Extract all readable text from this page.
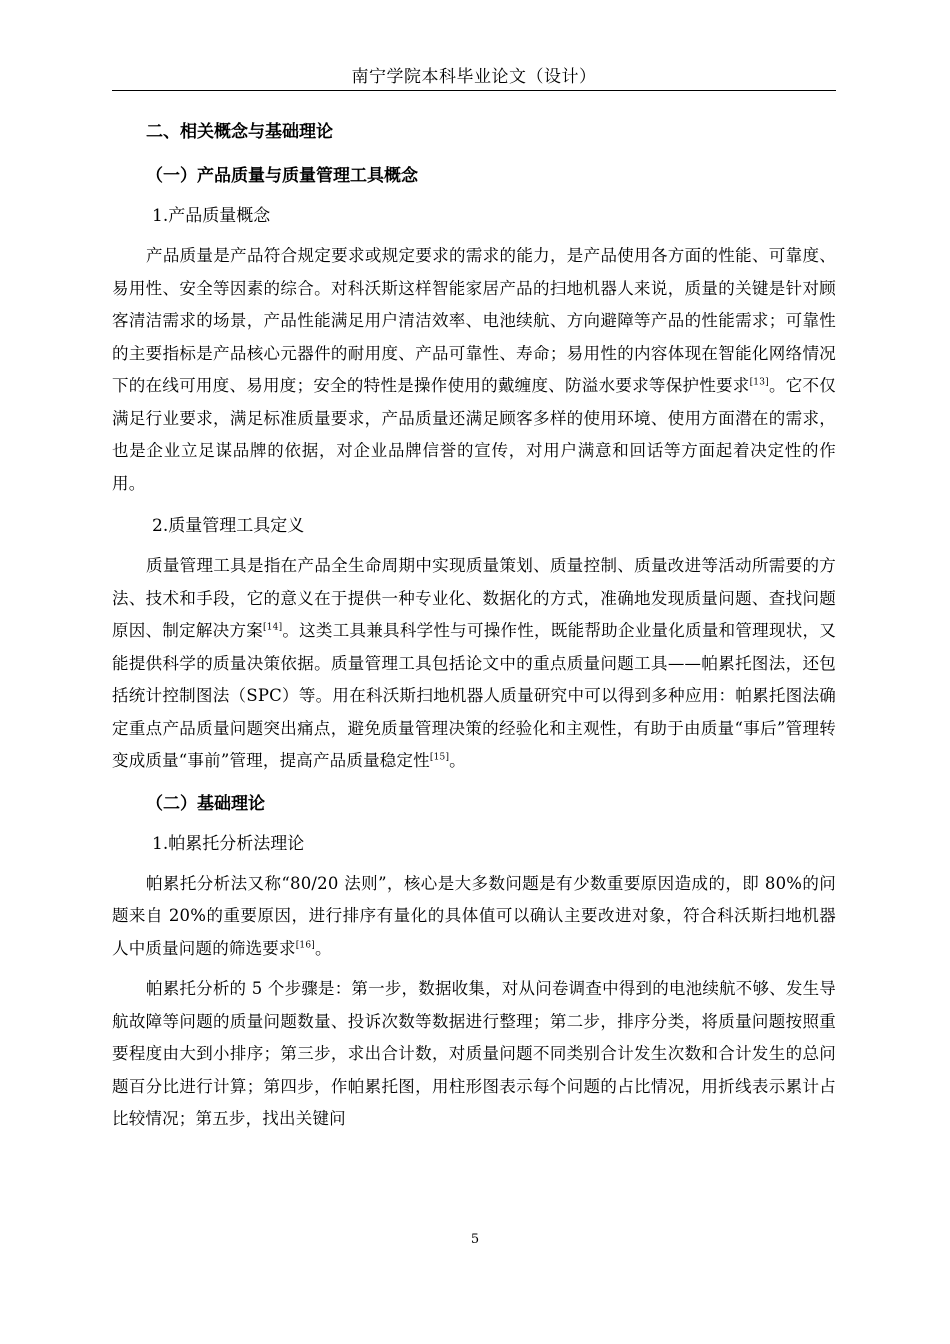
南宁学院本科毕业论文（设计）
二、相关概念与基础理论
（一）产品质量与质量管理工具概念
1.产品质量概念

产品质量是产品符合规定要求或规定要求的需求的能力，是产品使用各方面的性能、可靠度、易用性、安全等因素的综合。对科沃斯这样智能家居产品的扫地机器人来说，质量的关键是针对顾客清洁需求的场景，产品性能满足用户清洁效率、电池续航、方向避障等产品的性能需求；可靠性的主要指标是产品核心元器件的耐用度、产品可靠性、寿命；易用性的内容体现在智能化网络情况下的在线可用度、易用度；安全的特性是操作使用的戴缠度、防溢水要求等保护性要求[13]。它不仅满足行业要求，满足标准质量要求，产品质量还满足顾客多样的使用环境、使用方面潜在的需求，也是企业立足谋品牌的依据，对企业品牌信誉的宣传，对用户满意和回话等方面起着决定性的作用。

2.质量管理工具定义

质量管理工具是指在产品全生命周期中实现质量策划、质量控制、质量改进等活动所需要的方法、技术和手段，它的意义在于提供一种专业化、数据化的方式，准确地发现质量问题、查找问题原因、制定解决方案[14]。这类工具兼具科学性与可操作性，既能帮助企业量化质量和管理现状，又能提供科学的质量决策依据。质量管理工具包括论文中的重点质量问题工具——帕累托图法，还包括统计控制图法（SPC）等。用在科沃斯扫地机器人质量研究中可以得到多种应用：帕累托图法确定重点产品质量问题突出痛点，避免质量管理决策的经验化和主观性，有助于由质量“事后”管理转变成质量“事前”管理，提高产品质量稳定性[15]。

（二）基础理论
1.帕累托分析法理论

帕累托分析法又称“80/20 法则”，核心是大多数问题是有少数重要原因造成的，即 80%的问题来自 20%的重要原因，进行排序有量化的具体值可以确认主要改进对象，符合科沃斯扫地机器人中质量问题的筛选要求[16]。

帕累托分析的 5 个步骤是：第一步，数据收集，对从问卷调查中得到的电池续航不够、发生导航故障等问题的质量问题数量、投诉次数等数据进行整理；第二步，排序分类，将质量问题按照重要程度由大到小排序；第三步，求出合计数，对质量问题不同类别合计发生次数和合计发生的总问题百分比进行计算；第四步，作帕累托图，用柱形图表示每个问题的占比情况，用折线表示累计占比较情况；第五步，找出关键问

5
